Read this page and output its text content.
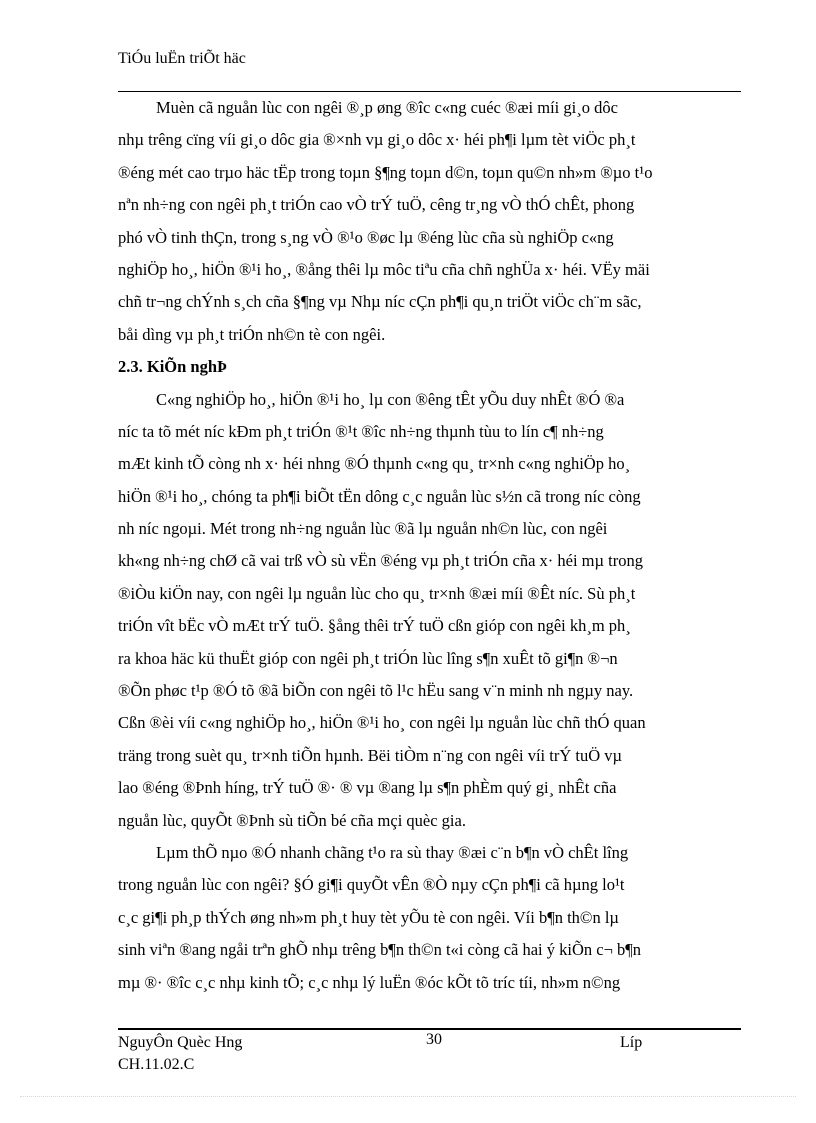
TiÓu luËn triÕt häc
Muèn cã nguån lùc con ngêi ®¸p øng ®îc c«ng cuéc ®æi míi gi¸o dôc
nhµ trêng cïng víi gi¸o dôc gia ®×nh vµ gi¸o dôc x· héi ph¶i lµm tèt viÖc ph¸t
®éng mét cao trµo häc tËp trong toµn §¶ng toµn d©n, toµn qu©n nh»m ®µo t¹o
nªn nh÷ng con ngêi ph¸t triÓn cao vÒ trÝ tuÖ, cêng tr¸ng vÒ thÓ chÊt, phong
phó vÒ tinh thÇn, trong s¸ng vÒ ®¹o ®øc lµ ®éng lùc cña sù nghiÖp c«ng
nghiÖp ho¸, hiÖn ®¹i ho¸, ®ång thêi lµ môc tiªu cña chñ nghÜa x· héi. VËy mäi
chñ tr¬ng chÝnh s¸ch cña §¶ng vµ Nhµ níc cÇn ph¶i qu¸n triÖt viÖc ch¨m sãc,
båi dìng vµ ph¸t triÓn nh©n tè con ngêi.
2.3. KiÕn nghÞ
C«ng nghiÖp ho¸, hiÖn ®¹i ho¸ lµ con ®êng tÊt yÕu duy nhÊt ®Ó ®a
níc ta tõ mét níc kÐm ph¸t triÓn ®¹t ®îc nh÷ng thµnh tùu to lín c¶ nh÷ng
mÆt kinh tÕ còng nh x· héi nhng ®Ó thµnh c«ng qu¸ tr×nh c«ng nghiÖp ho¸
hiÖn ®¹i ho¸, chóng ta ph¶i biÕt tËn dông c¸c nguån lùc s½n cã trong níc còng
nh níc ngoµi. Mét trong nh÷ng nguån lùc ®ã lµ nguån nh©n lùc, con ngêi
kh«ng nh÷ng chØ cã vai trß vÒ sù vËn ®éng vµ ph¸t triÓn cña x· héi mµ trong
®iÒu kiÖn nay, con ngêi lµ nguån lùc cho qu¸ tr×nh ®æi míi ®Êt níc. Sù ph¸t
triÓn vît bËc vÒ mÆt trÝ tuÖ. §ång thêi trÝ tuÖ cßn gióp con ngêi kh¸m ph¸
ra khoa häc kü thuËt gióp con ngêi ph¸t triÓn lùc lîng s¶n xuÊt tõ gi¶n ®¬n
®Õn phøc t¹p ®Ó tõ ®ã biÕn con ngêi tõ l¹c hËu sang v¨n minh nh ngµy nay.
Cßn ®èi víi c«ng nghiÖp ho¸, hiÖn ®¹i ho¸ con ngêi lµ nguån lùc chñ thÓ quan
träng trong suèt qu¸ tr×nh tiÕn hµnh. Bëi tiÒm n¨ng con ngêi víi trÝ tuÖ vµ
lao ®éng ®Þnh híng, trÝ tuÖ ®· ® vµ ®ang lµ s¶n phÈm quý gi¸ nhÊt cña
nguån lùc, quyÕt ®Þnh sù tiÕn bé cña mçi quèc gia.
Lµm thÕ nµo ®Ó nhanh chãng t¹o ra sù thay ®æi c¨n b¶n vÒ chÊt lîng
trong nguån lùc con ngêi? §Ó gi¶i quyÕt vÊn ®Ò nµy cÇn ph¶i cã hµng lo¹t
c¸c gi¶i ph¸p thÝch øng nh»m ph¸t huy tèt yÕu tè con ngêi. Víi b¶n th©n lµ
sinh viªn ®ang ngåi trªn ghÕ nhµ trêng b¶n th©n t«i còng cã hai ý kiÕn c¬ b¶n
mµ ®· ®îc c¸c nhµ kinh tÕ; c¸c nhµ lý luËn ®óc kÕt tõ tríc tíi, nh»m n©ng
NguyÔn Quèc Hng	30	Líp
CH.11.02.C
